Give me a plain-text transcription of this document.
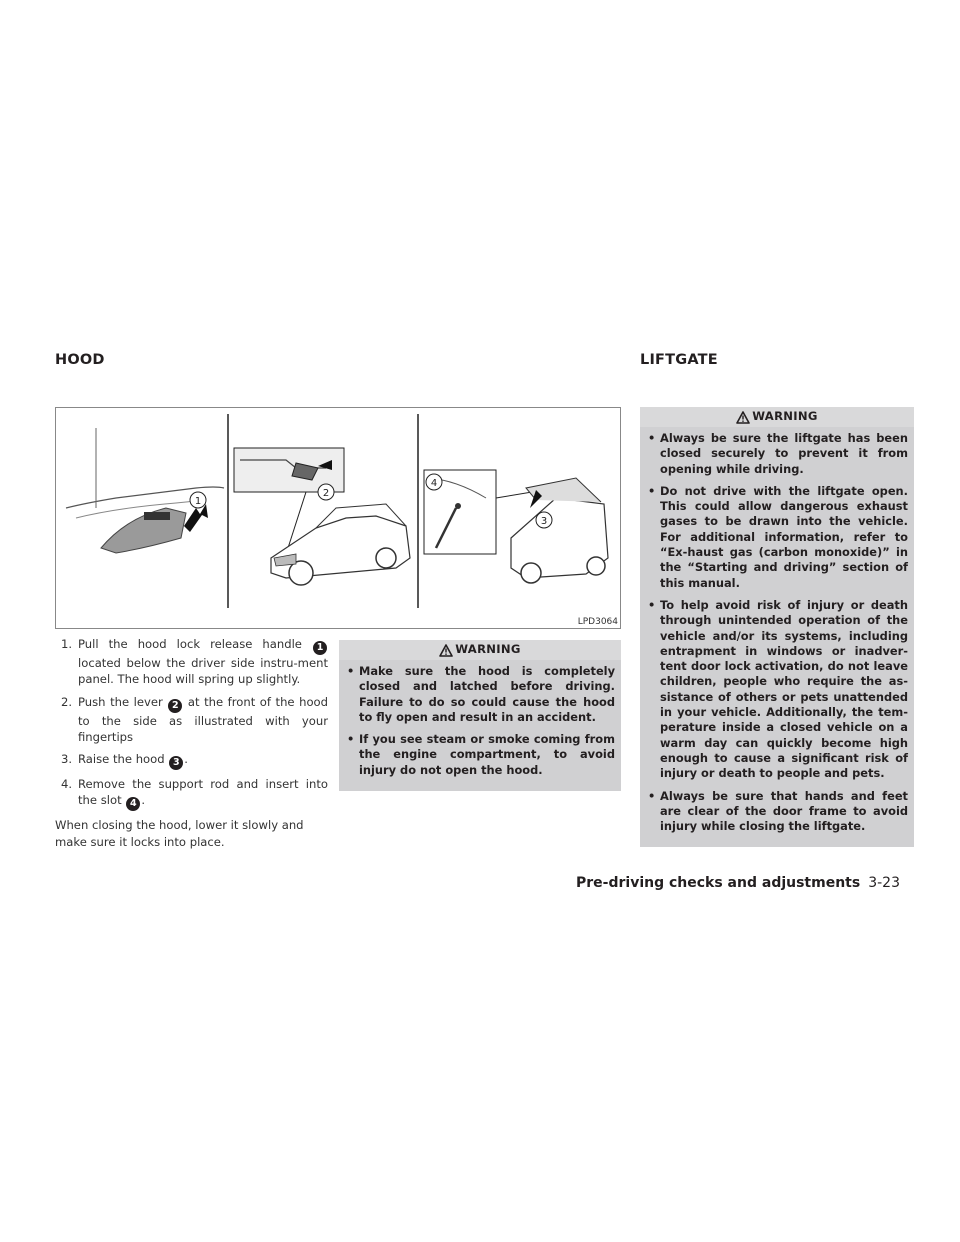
HOOD	LIFTGATE
1
2
4
3
LPD3064
1. Pull the hood lock release handle 1 located below the driver side instru-ment panel. The hood will spring up slightly.
2. Push the lever 2 at the front of the hood to the side as illustrated with your fingertips
3. Raise the hood 3 .
4. Remove the support rod and insert into the slot 4 .

When closing the hood, lower it slowly and make sure it locks into place.

WARNING
• Make sure the hood is completely closed and latched before driving. Failure to do so could cause the hood to fly open and result in an accident.
• If you see steam or smoke coming from the engine compartment, to avoid injury do not open the hood.
WARNING
• Always be sure the liftgate has been closed securely to prevent it from opening while driving.
• Do not drive with the liftgate open. This could allow dangerous exhaust gases to be drawn into the vehicle. For additional information, refer to “Ex-haust gas (carbon monoxide)” in the “Starting and driving” section of this manual.
• To help avoid risk of injury or death through unintended operation of the vehicle and/or its systems, including entrapment in windows or inadver-tent door lock activation, do not leave children, people who require the as-sistance of others or pets unattended in your vehicle. Additionally, the tem-perature inside a closed vehicle on a warm day can quickly become high enough to cause a significant risk of injury or death to people and pets.
• Always be sure that hands and feet are clear of the door frame to avoid injury while closing the liftgate.
Pre-driving checks and adjustments 3-23
